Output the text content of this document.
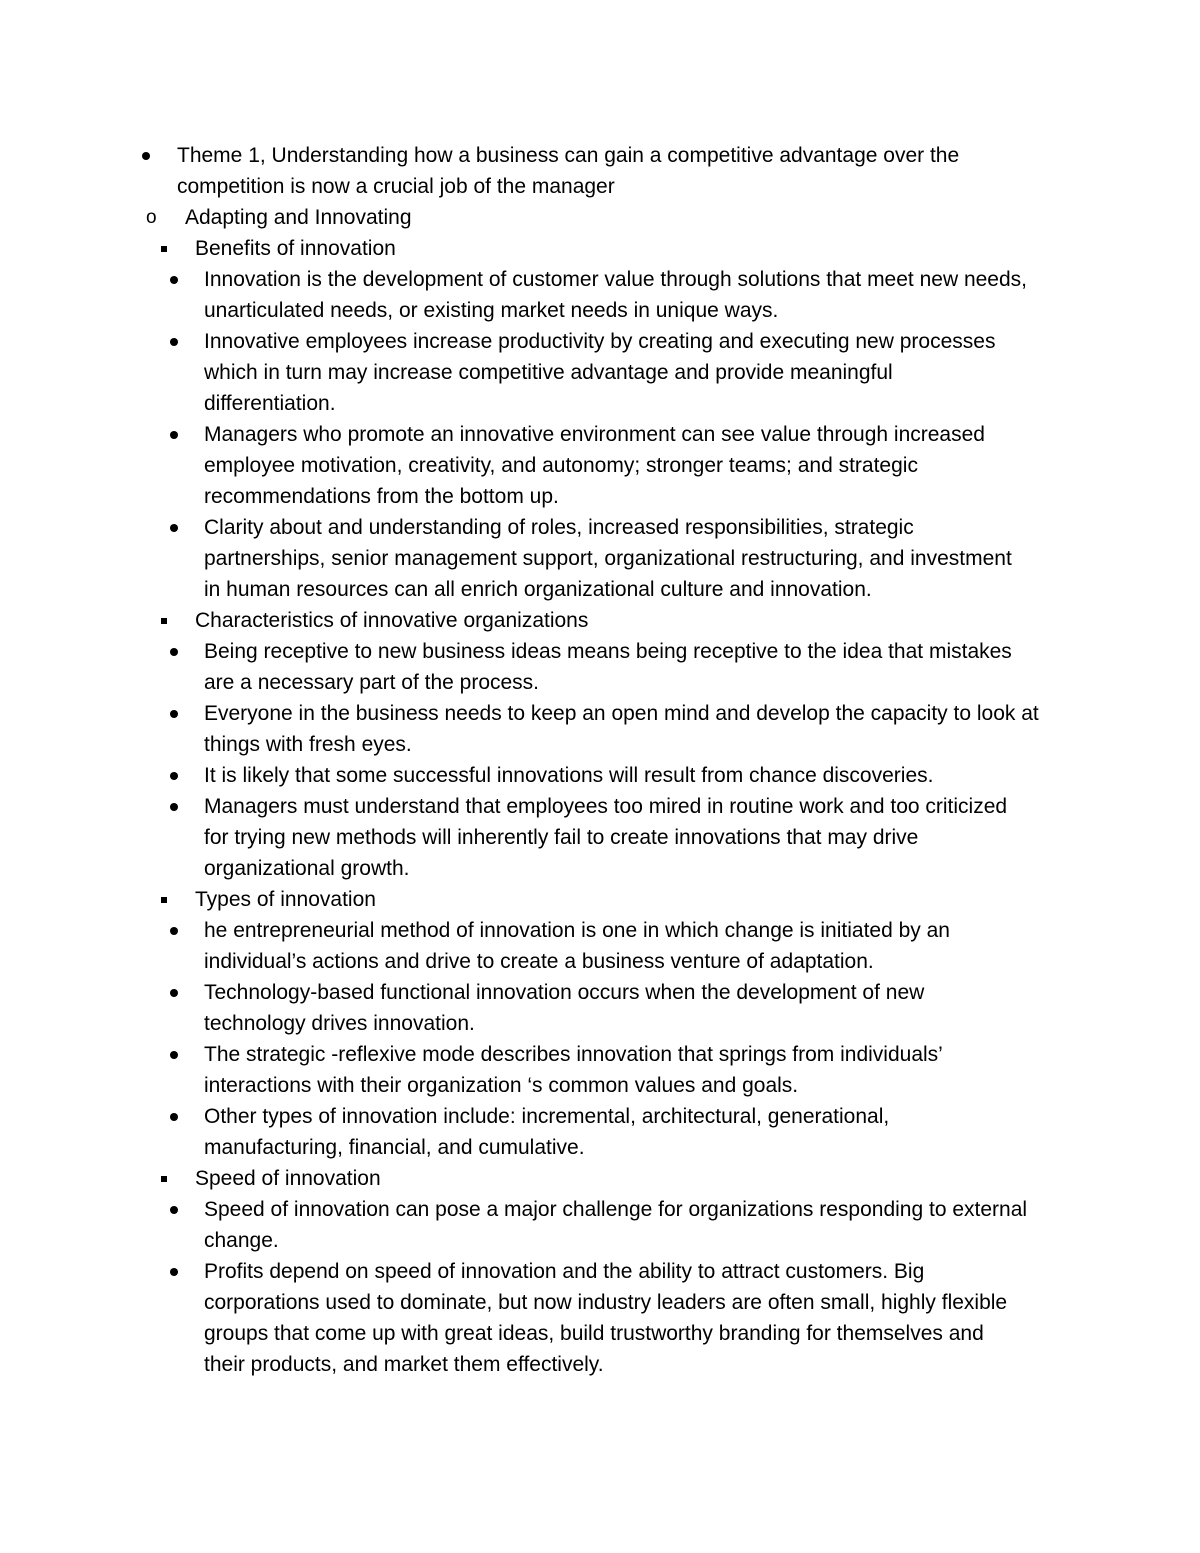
Theme 1, Understanding how a business can gain a competitive advantage over the
competition is now a crucial job of the manager
o Adapting and Innovating
Benefits of innovation
Innovation is the development of customer value through solutions that meet new needs,
unarticulated needs, or existing market needs in unique ways.
Innovative employees increase productivity by creating and executing new processes
which in turn may increase competitive advantage and provide meaningful
differentiation.
Managers who promote an innovative environment can see value through increased
employee motivation, creativity, and autonomy; stronger teams; and strategic
recommendations from the bottom up.
Clarity about and understanding of roles, increased responsibilities, strategic
partnerships, senior management support, organizational restructuring, and investment
in human resources can all enrich organizational culture and innovation.
Characteristics of innovative organizations
Being receptive to new business ideas means being receptive to the idea that mistakes
are a necessary part of the process.
Everyone in the business needs to keep an open mind and develop the capacity to look at
things with fresh eyes.
It is likely that some successful innovations will result from chance discoveries.
Managers must understand that employees too mired in routine work and too criticized
for trying new methods will inherently fail to create innovations that may drive
organizational growth.
Types of innovation
he entrepreneurial method of innovation is one in which change is initiated by an
individual’s actions and drive to create a business venture of adaptation.
Technology-based functional innovation occurs when the development of new
technology drives innovation.
The strategic -reflexive mode describes innovation that springs from individuals’
interactions with their organization ‘s common values and goals.
Other types of innovation include: incremental, architectural, generational,
manufacturing, financial, and cumulative.
Speed of innovation
Speed of innovation can pose a major challenge for organizations responding to external
change.
Profits depend on speed of innovation and the ability to attract customers. Big
corporations used to dominate, but now industry leaders are often small, highly flexible
groups that come up with great ideas, build trustworthy branding for themselves and
their products, and market them effectively.
